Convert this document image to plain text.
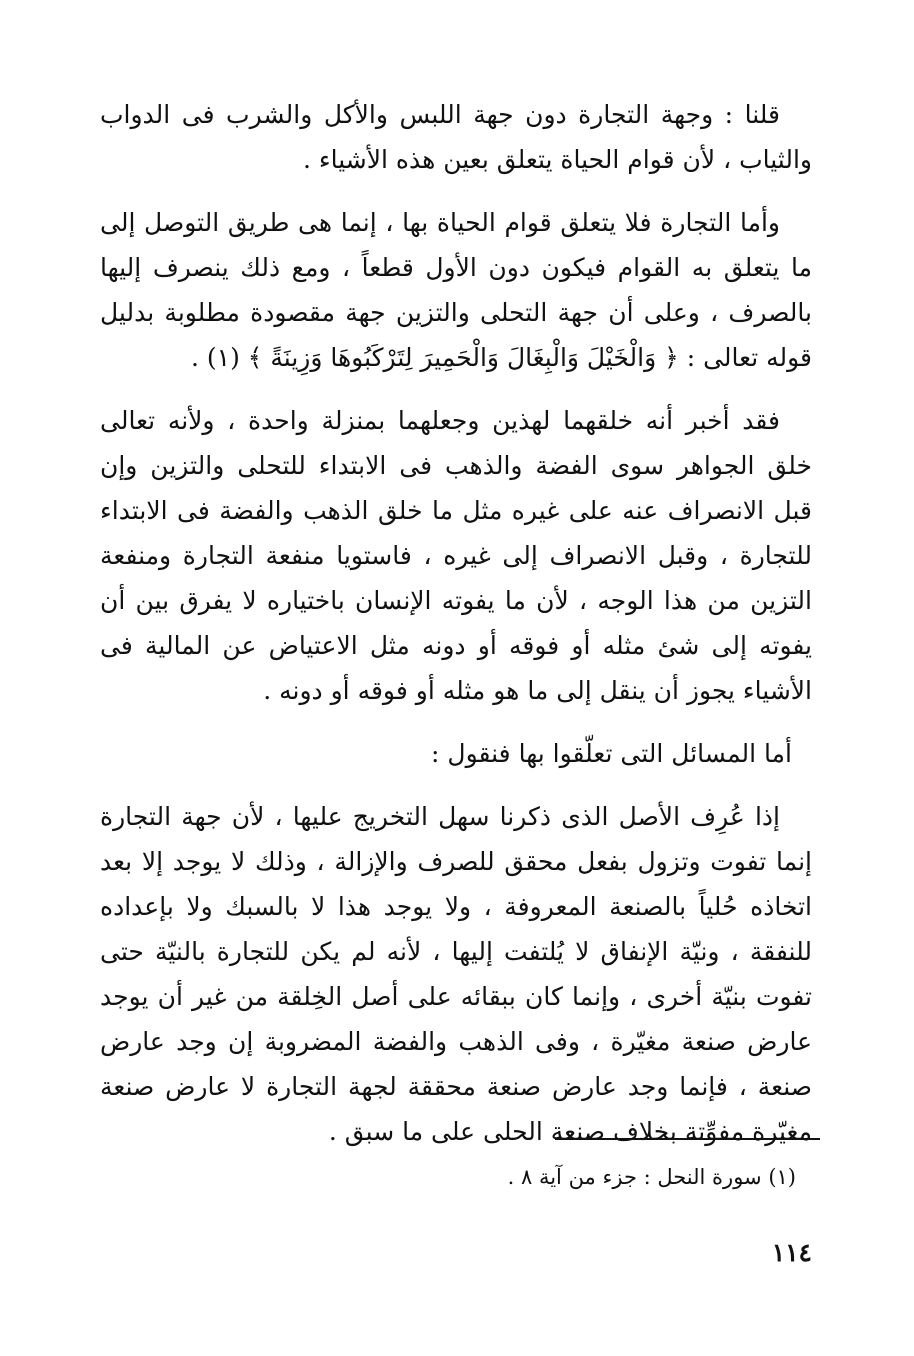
قلنا : وجهة التجارة دون جهة اللبس والأكل والشرب فى الدواب والثياب ، لأن قوام الحياة يتعلق بعين هذه الأشياء .

وأما التجارة فلا يتعلق قوام الحياة بها ، إنما هى طريق التوصل إلى ما يتعلق به القوام فيكون دون الأول قطعاً ، ومع ذلك ينصرف إليها بالصرف ، وعلى أن جهة التحلى والتزين جهة مقصودة مطلوبة بدليل قوله تعالى : ﴿ وَالْخَيْلَ وَالْبِغَالَ وَالْحَمِيرَ لِتَرْكَبُوهَا وَزِينَةً ﴾ (١) .

فقد أخبر أنه خلقهما لهذين وجعلهما بمنزلة واحدة ، ولأنه تعالى خلق الجواهر سوى الفضة والذهب فى الابتداء للتحلى والتزين وإن قبل الانصراف عنه على غيره مثل ما خلق الذهب والفضة فى الابتداء للتجارة ، وقبل الانصراف إلى غيره ، فاستويا منفعة التجارة ومنفعة التزين من هذا الوجه ، لأن ما يفوته الإنسان باختياره لا يفرق بين أن يفوته إلى شئ مثله أو فوقه أو دونه مثل الاعتياض عن المالية فى الأشياء يجوز أن ينقل إلى ما هو مثله أو فوقه أو دونه .

أما المسائل التى تعلّقوا بها فنقول :

إذا عُرِف الأصل الذى ذكرنا سهل التخريج عليها ، لأن جهة التجارة إنما تفوت وتزول بفعل محقق للصرف والإزالة ، وذلك لا يوجد إلا بعد اتخاذه حُلياً بالصنعة المعروفة ، ولا يوجد هذا لا بالسبك ولا بإعداده للنفقة ، ونيّة الإنفاق لا يُلتفت إليها ، لأنه لم يكن للتجارة بالنيّة حتى تفوت بنيّة أخرى ، وإنما كان ببقائه على أصل الخِلقة من غير أن يوجد عارض صنعة مغيّرة ، وفى الذهب والفضة المضروبة إن وجد عارض صنعة ، فإنما وجد عارض صنعة محققة لجهة التجارة لا عارض صنعة مغيّرة مفوِّتة بخلاف صنعة الحلى على ما سبق .

(١) سورة النحل : جزء من آية ٨ .
١١٤
